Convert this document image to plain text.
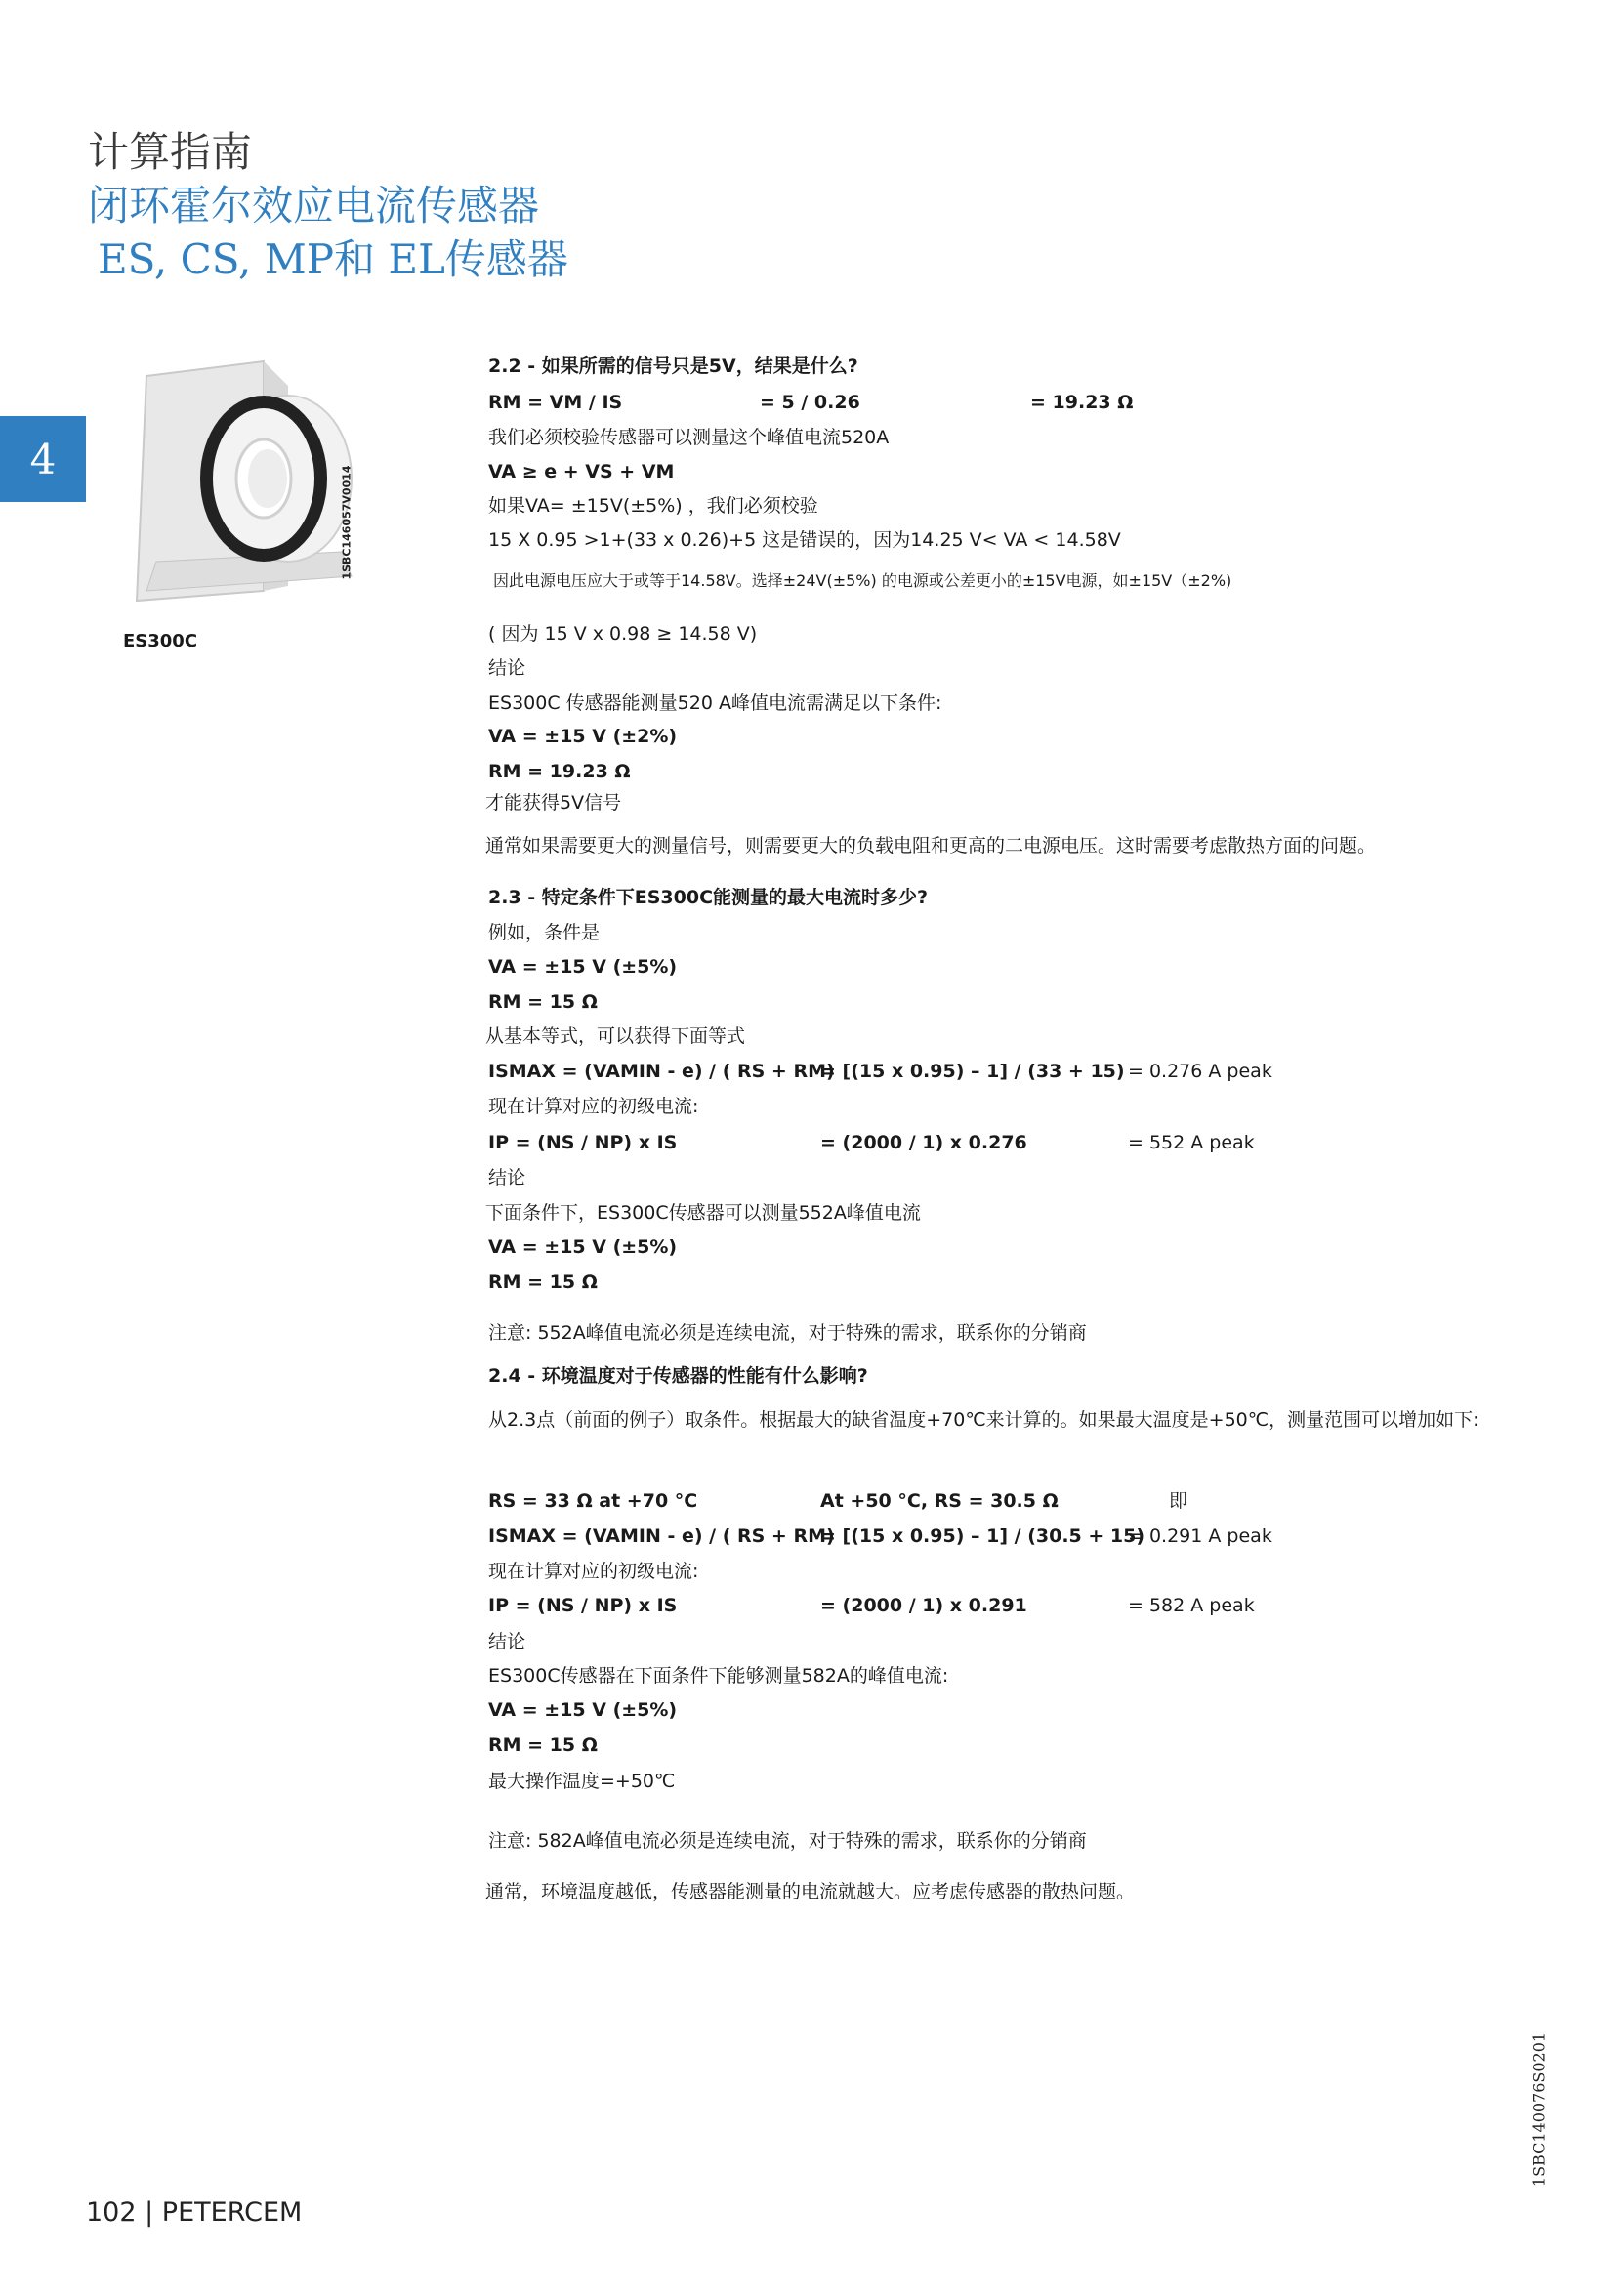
计算指南
闭环霍尔效应电流传感器
ES, CS, MP和 EL传感器
4
1SBC146057V0014
ES300C
2.2 - 如果所需的信号只是5V，结果是什么?
RM = VM / IS	= 5 / 0.26	= 19.23 Ω
我们必须校验传感器可以测量这个峰值电流520A
VA ≥ e + VS + VM
如果VA= ±15V(±5%) ，我们必须校验
15 X 0.95 >1+(33 x 0.26)+5 这是错误的，因为14.25 V< VA < 14.58V
因此电源电压应大于或等于14.58V。选择±24V(±5%) 的电源或公差更小的±15V电源，如±15V（±2%)
( 因为 15 V x 0.98 ≥ 14.58 V)
结论
ES300C 传感器能测量520 A峰值电流需满足以下条件:
VA = ±15 V (±2%)
RM = 19.23 Ω
才能获得5V信号
通常如果需要更大的测量信号，则需要更大的负载电阻和更高的二电源电压。这时需要考虑散热方面的问题。
2.3 - 特定条件下ES300C能测量的最大电流时多少?
例如，条件是
VA = ±15 V (±5%)
RM = 15 Ω
从基本等式，可以获得下面等式
ISMAX = (VAMIN - e) / ( RS + RM)
= [(15 x 0.95) – 1] / (33 + 15) = 0.276 A peak
现在计算对应的初级电流:
IP = (NS / NP) x IS	= (2000 / 1) x 0.276	= 552 A peak
结论
下面条件下，ES300C传感器可以测量552A峰值电流
VA = ±15 V (±5%)
RM = 15 Ω
注意: 552A峰值电流必须是连续电流，对于特殊的需求，联系你的分销商
2.4 - 环境温度对于传感器的性能有什么影响?
从2.3点（前面的例子）取条件。根据最大的缺省温度+70℃来计算的。如果最大温度是+50℃，测量范围可以增加如下:
RS = 33 Ω at +70 °C	At +50 °C, RS = 30.5 Ω	即
ISMAX = (VAMIN - e) / ( RS + RM)
= [(15 x 0.95) – 1] / (30.5 + 15)
= 0.291 A peak
现在计算对应的初级电流:
IP = (NS / NP) x IS	= (2000 / 1) x 0.291	= 582 A peak
结论
ES300C传感器在下面条件下能够测量582A的峰值电流:
VA = ±15 V (±5%)
RM = 15 Ω
最大操作温度=+50℃
注意: 582A峰值电流必须是连续电流，对于特殊的需求，联系你的分销商
通常，环境温度越低，传感器能测量的电流就越大。应考虑传感器的散热问题。
102 | PETERCEM
1SBC140076S0201
